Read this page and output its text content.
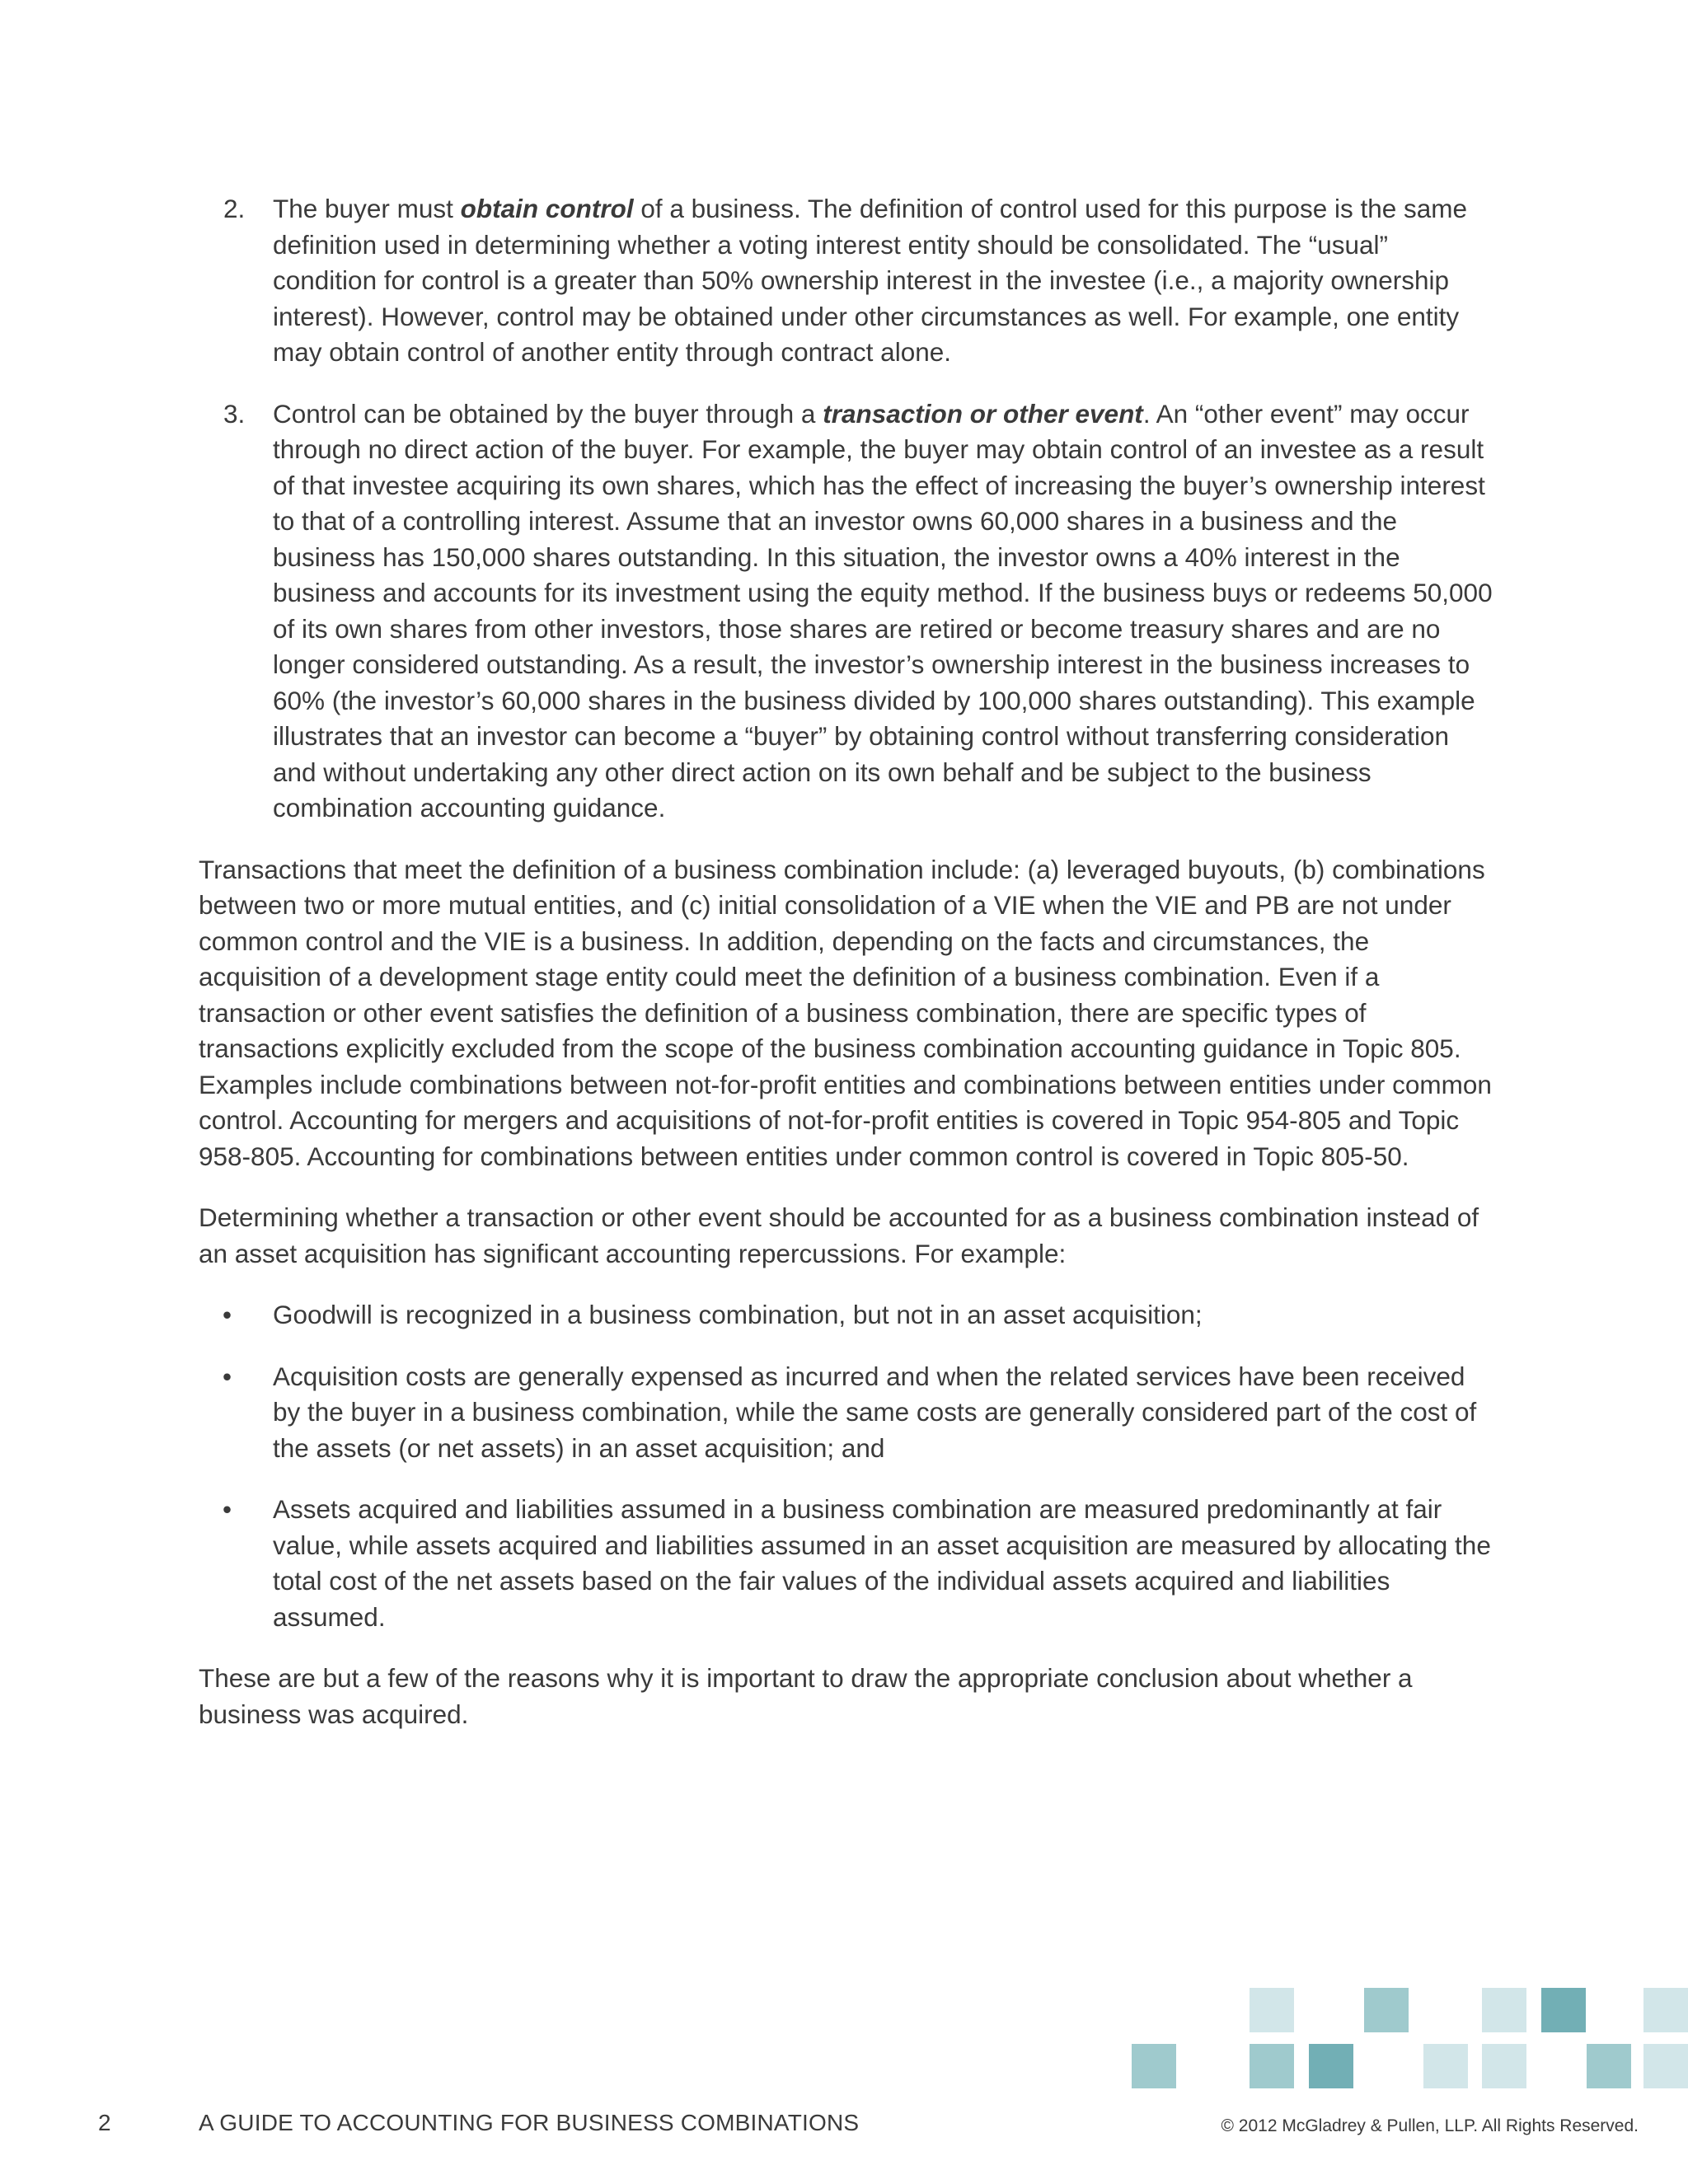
2. The buyer must obtain control of a business. The definition of control used for this purpose is the same definition used in determining whether a voting interest entity should be consolidated. The “usual” condition for control is a greater than 50% ownership interest in the investee (i.e., a majority ownership interest). However, control may be obtained under other circumstances as well. For example, one entity may obtain control of another entity through contract alone.
3. Control can be obtained by the buyer through a transaction or other event. An “other event” may occur through no direct action of the buyer. For example, the buyer may obtain control of an investee as a result of that investee acquiring its own shares, which has the effect of increasing the buyer’s ownership interest to that of a controlling interest. Assume that an investor owns 60,000 shares in a business and the business has 150,000 shares outstanding. In this situation, the investor owns a 40% interest in the business and accounts for its investment using the equity method. If the business buys or redeems 50,000 of its own shares from other investors, those shares are retired or become treasury shares and are no longer considered outstanding. As a result, the investor’s ownership interest in the business increases to 60% (the investor’s 60,000 shares in the business divided by 100,000 shares outstanding). This example illustrates that an investor can become a “buyer” by obtaining control without transferring consideration and without undertaking any other direct action on its own behalf and be subject to the business combination accounting guidance.

Transactions that meet the definition of a business combination include: (a) leveraged buyouts, (b) combinations between two or more mutual entities, and (c) initial consolidation of a VIE when the VIE and PB are not under common control and the VIE is a business. In addition, depending on the facts and circumstances, the acquisition of a development stage entity could meet the definition of a business combination. Even if a transaction or other event satisfies the definition of a business combination, there are specific types of transactions explicitly excluded from the scope of the business combination accounting guidance in Topic 805. Examples include combinations between not-for-profit entities and combinations between entities under common control. Accounting for mergers and acquisitions of not-for-profit entities is covered in Topic 954-805 and Topic 958-805. Accounting for combinations between entities under common control is covered in Topic 805-50.

Determining whether a transaction or other event should be accounted for as a business combination instead of an asset acquisition has significant accounting repercussions. For example:

• Goodwill is recognized in a business combination, but not in an asset acquisition;
• Acquisition costs are generally expensed as incurred and when the related services have been received by the buyer in a business combination, while the same costs are generally considered part of the cost of the assets (or net assets) in an asset acquisition; and
• Assets acquired and liabilities assumed in a business combination are measured predominantly at fair value, while assets acquired and liabilities assumed in an asset acquisition are measured by allocating the total cost of the net assets based on the fair values of the individual assets acquired and liabilities assumed.

These are but a few of the reasons why it is important to draw the appropriate conclusion about whether a business was acquired.

2	A GUIDE TO ACCOUNTING FOR BUSINESS COMBINATIONS	© 2012 McGladrey & Pullen, LLP. All Rights Reserved.
